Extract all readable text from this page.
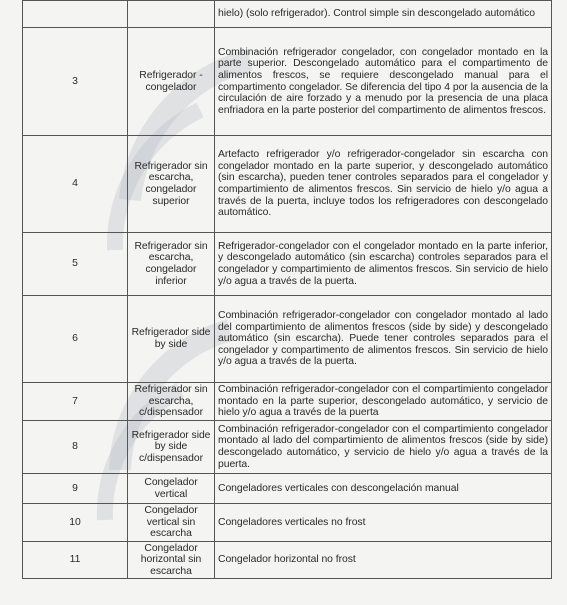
		hielo) (solo refrigerador). Control simple sin descongelado automático
3	Refrigerador - congelador	Combinación refrigerador congelador, con congelador montado en la parte superior. Descongelado automático para el compartimento de alimentos frescos, se requiere descongelado manual para el compartimento congelador. Se diferencia del tipo 4 por la ausencia de la circulación de aire forzado y a menudo por la presencia de una placa enfriadora en la parte posterior del compartimento de alimentos frescos.
4	Refrigerador sin escarcha, congelador superior	Artefacto refrigerador y/o refrigerador-congelador sin escarcha con congelador montado en la parte superior, y descongelado automático (sin escarcha), pueden tener controles separados para el congelador y compartimiento de alimentos frescos. Sin servicio de hielo y/o agua a través de la puerta, incluye todos los refrigeradores con descongelado automático.
5	Refrigerador sin escarcha, congelador inferior	Refrigerador-congelador con el congelador montado en la parte inferior, y descongelado automático (sin escarcha) controles separados para el congelador y compartimiento de alimentos frescos. Sin servicio de hielo y/o agua a través de la puerta.
6	Refrigerador side by side	Combinación refrigerador-congelador con congelador montado al lado del compartimiento de alimentos frescos (side by side) y descongelado automático (sin escarcha). Puede tener controles separados para el congelador y compartimento de alimentos frescos. Sin servicio de hielo y/o agua a través de la puerta.
7	Refrigerador sin escarcha, c/dispensador	Combinación refrigerador-congelador con el compartimiento congelador montado en la parte superior, descongelado automático, y servicio de hielo y/o agua a través de la puerta
8	Refrigerador side by side c/dispensador	Combinación refrigerador-congelador con el compartimiento congelador montado al lado del compartimiento de alimentos frescos (side by side) descongelado automático, y servicio de hielo y/o agua a través de la puerta.
9	Congelador vertical	Congeladores verticales con descongelación manual
10	Congelador vertical sin escarcha	Congeladores verticales no frost
11	Congelador horizontal sin escarcha	Congelador horizontal no frost
